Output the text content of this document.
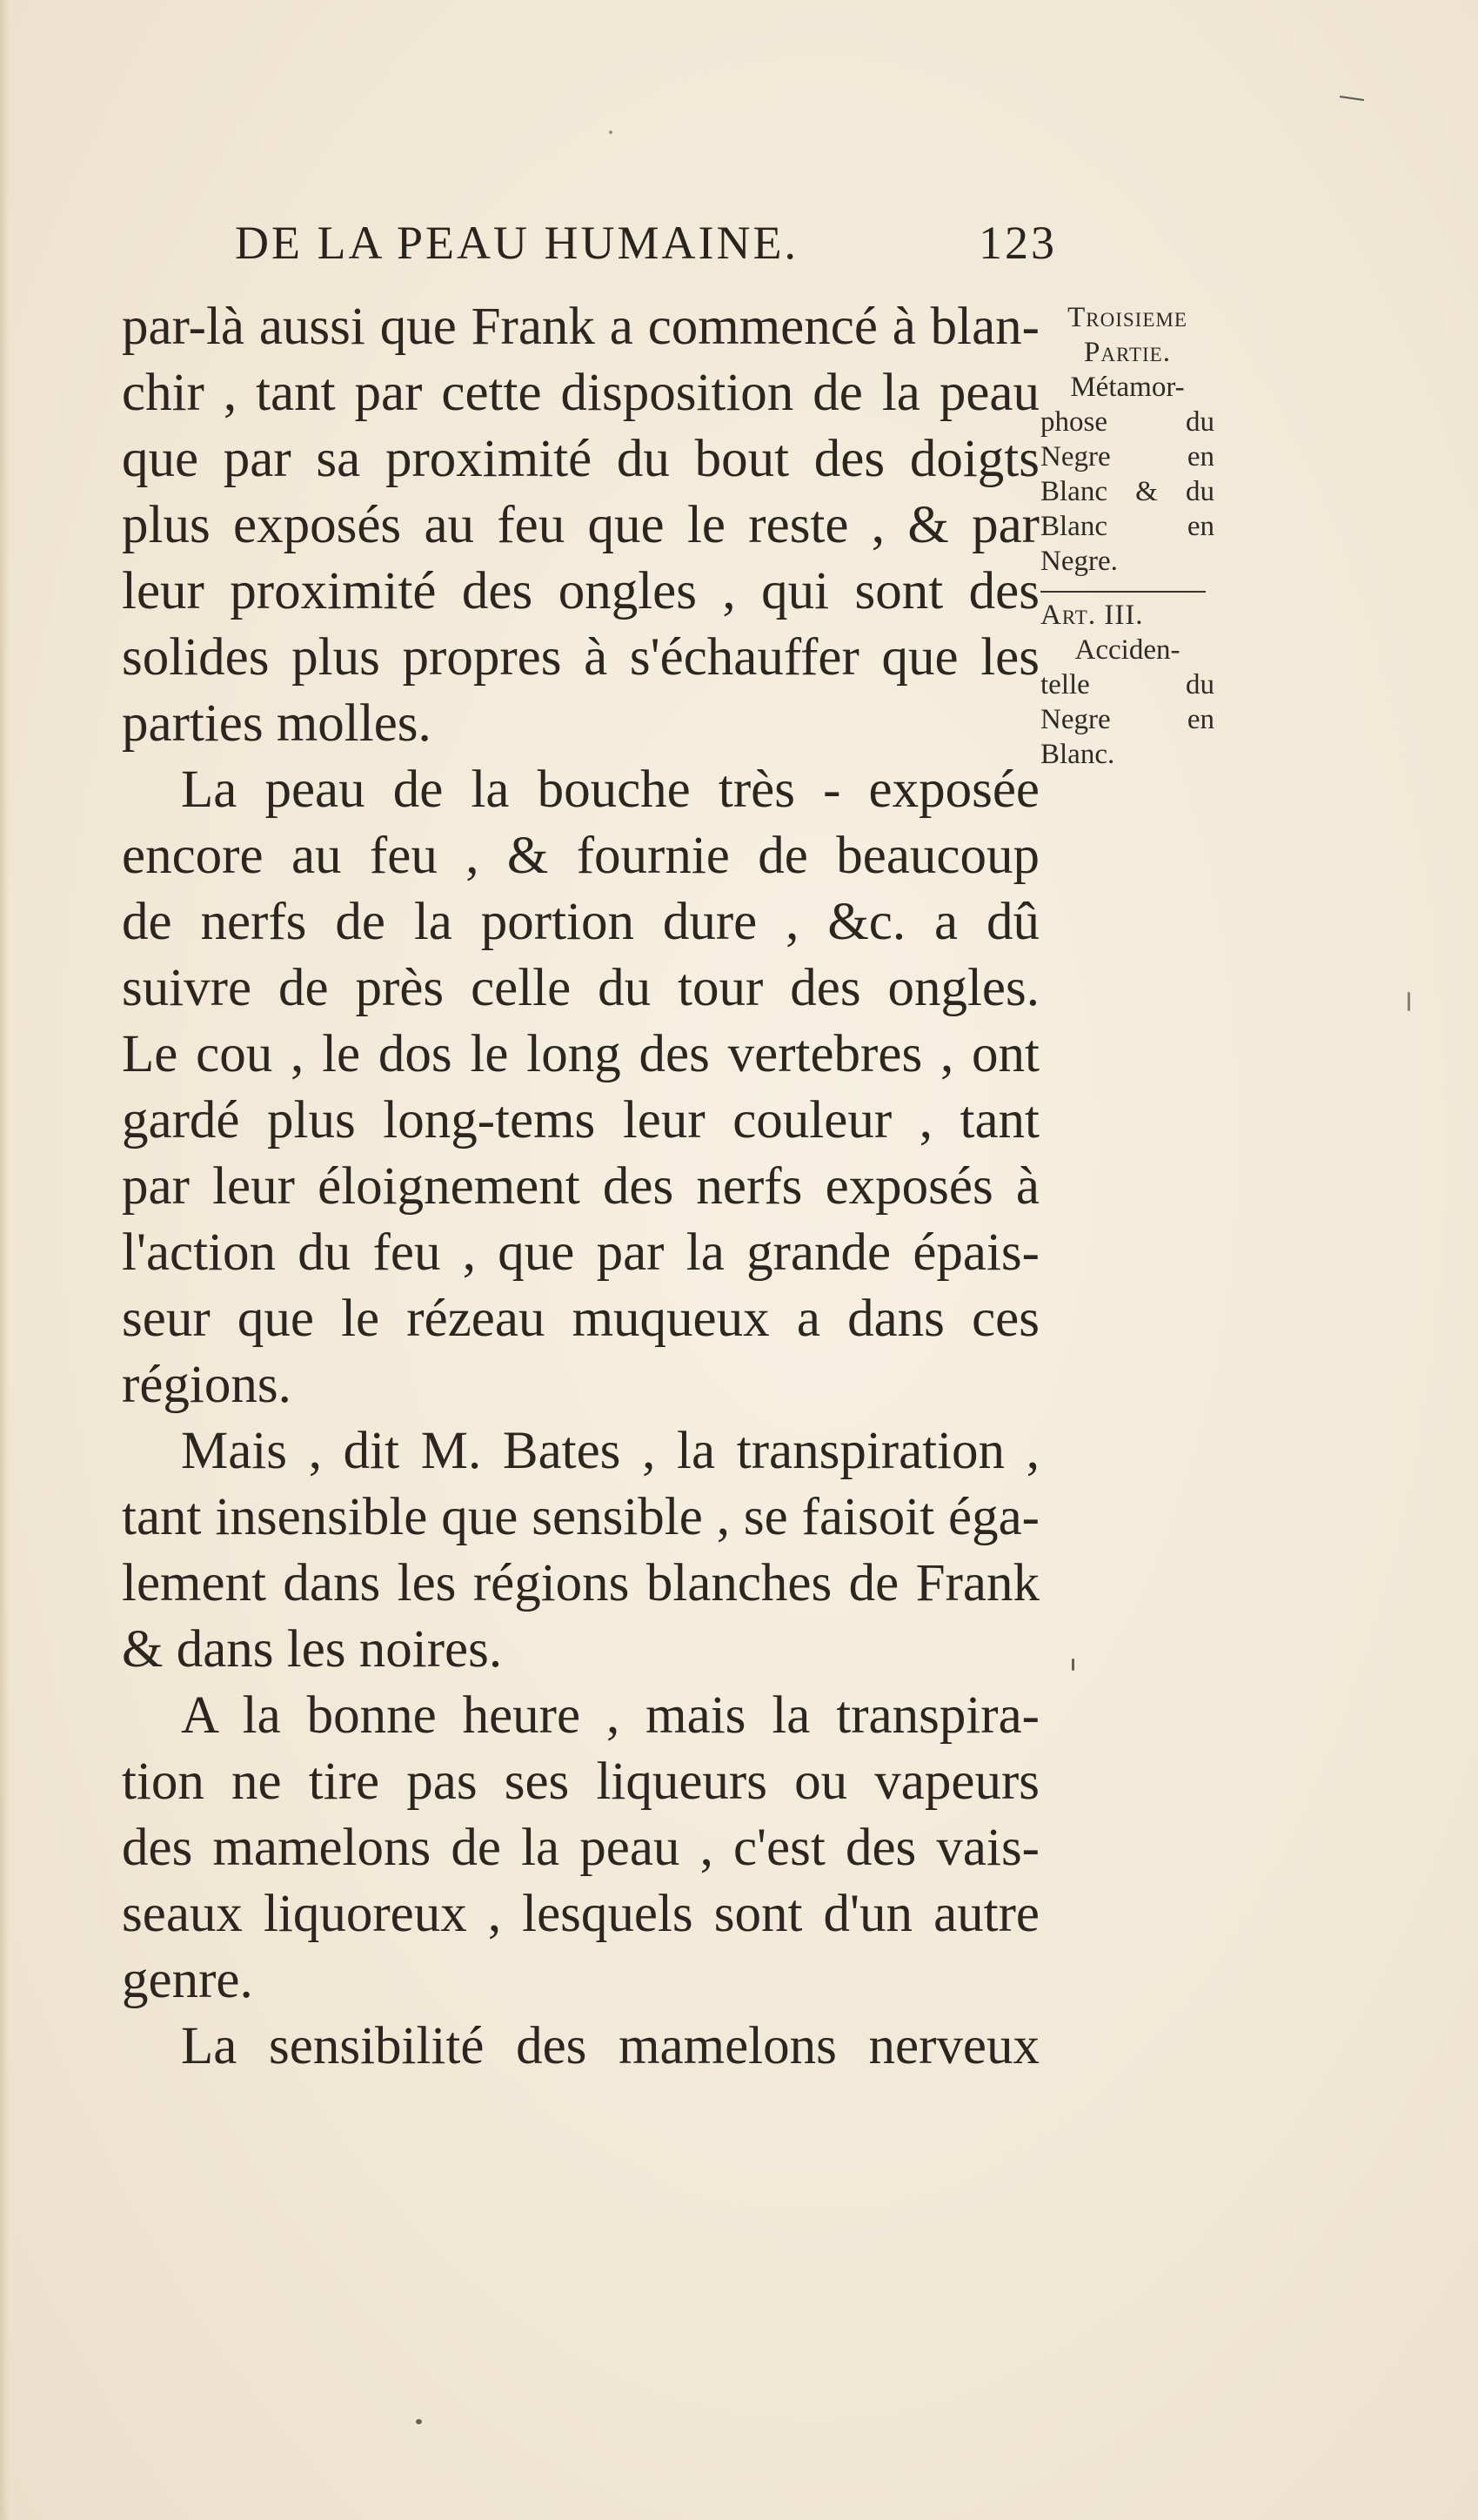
DE LA PEAU HUMAINE.	123
par-là aussi que Frank a commencé à blan-
chir , tant par cette disposition de la peau
que par sa proximité du bout des doigts
plus exposés au feu que le reste , & par
leur proximité des ongles , qui sont des
solides plus propres à s'échauffer que les
parties molles.
La peau de la bouche très - exposée
encore au feu , & fournie de beaucoup
de nerfs de la portion dure , &c. a dû
suivre de près celle du tour des ongles.
Le cou , le dos le long des vertebres , ont
gardé plus long-tems leur couleur , tant
par leur éloignement des nerfs exposés à
l'action du feu , que par la grande épais-
seur que le rézeau muqueux a dans ces
régions.
Mais , dit M. Bates , la transpiration ,
tant insensible que sensible , se faisoit éga-
lement dans les régions blanches de Frank
& dans les noires.
A la bonne heure , mais la transpira-
tion ne tire pas ses liqueurs ou vapeurs
des mamelons de la peau , c'est des vais-
seaux liquoreux , lesquels sont d'un autre
genre.
La sensibilité des mamelons nerveux
Troisieme
Partie.
Métamor-
phose du
Negre en
Blanc & du
Blanc en
Negre.
Art. III.
Acciden-
telle du
Negre en
Blanc.
